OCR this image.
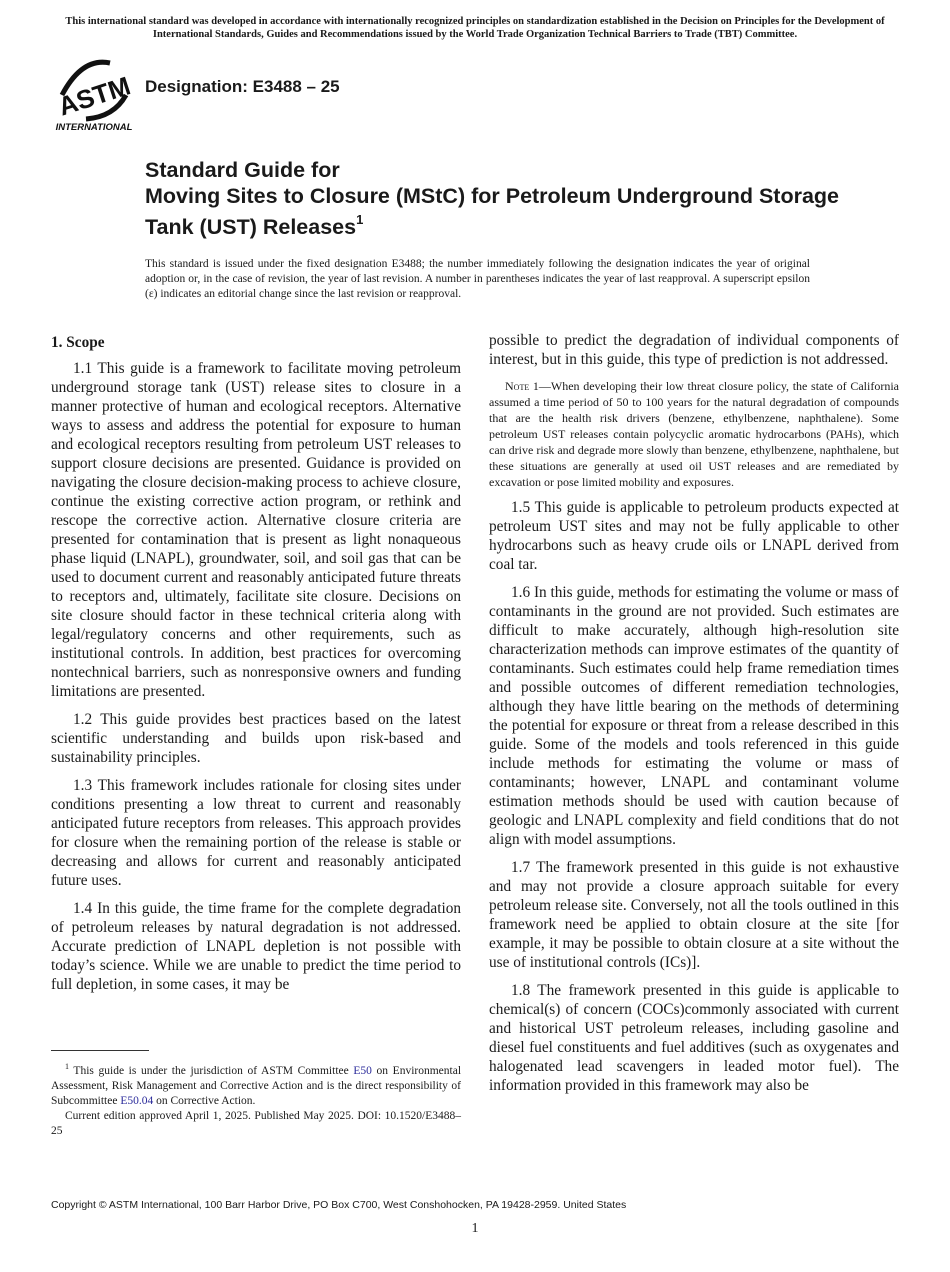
This international standard was developed in accordance with internationally recognized principles on standardization established in the Decision on Principles for the Development of International Standards, Guides and Recommendations issued by the World Trade Organization Technical Barriers to Trade (TBT) Committee.
ASTM
INTERNATIONAL
Designation: E3488 – 25
Standard Guide for
Moving Sites to Closure (MStC) for Petroleum Underground Storage Tank (UST) Releases$^1$
This standard is issued under the fixed designation E3488; the number immediately following the designation indicates the year of original adoption or, in the case of revision, the year of last revision. A number in parentheses indicates the year of last reapproval. A superscript epsilon (ε) indicates an editorial change since the last revision or reapproval.
1. Scope

1.1 This guide is a framework to facilitate moving petroleum underground storage tank (UST) release sites to closure in a manner protective of human and ecological receptors. Alternative ways to assess and address the potential for exposure to human and ecological receptors resulting from petroleum UST releases to support closure decisions are presented. Guidance is provided on navigating the closure decision-making process to achieve closure, continue the existing corrective action program, or rethink and rescope the corrective action. Alternative closure criteria are presented for contamination that is present as light nonaqueous phase liquid (LNAPL), groundwater, soil, and soil gas that can be used to document current and reasonably anticipated future threats to receptors and, ultimately, facilitate site closure. Decisions on site closure should factor in these technical criteria along with legal/regulatory concerns and other requirements, such as institutional controls. In addition, best practices for overcoming nontechnical barriers, such as nonresponsive owners and funding limitations are presented.

1.2 This guide provides best practices based on the latest scientific understanding and builds upon risk-based and sustainability principles.

1.3 This framework includes rationale for closing sites under conditions presenting a low threat to current and reasonably anticipated future receptors from releases. This approach provides for closure when the remaining portion of the release is stable or decreasing and allows for current and reasonably anticipated future uses.

1.4 In this guide, the time frame for the complete degradation of petroleum releases by natural degradation is not addressed. Accurate prediction of LNAPL depletion is not possible with today’s science. While we are unable to predict the time period to full depletion, in some cases, it may be

possible to predict the degradation of individual components of interest, but in this guide, this type of prediction is not addressed.

Note 1—When developing their low threat closure policy, the state of California assumed a time period of 50 to 100 years for the natural degradation of compounds that are the health risk drivers (benzene, ethylbenzene, naphthalene). Some petroleum UST releases contain polycyclic aromatic hydrocarbons (PAHs), which can drive risk and degrade more slowly than benzene, ethylbenzene, naphthalene, but these situations are generally at used oil UST releases and are remediated by excavation or pose limited mobility and exposures.

1.5 This guide is applicable to petroleum products expected at petroleum UST sites and may not be fully applicable to other hydrocarbons such as heavy crude oils or LNAPL derived from coal tar.

1.6 In this guide, methods for estimating the volume or mass of contaminants in the ground are not provided. Such estimates are difficult to make accurately, although high-resolution site characterization methods can improve estimates of the quantity of contaminants. Such estimates could help frame remediation times and possible outcomes of different remediation technologies, although they have little bearing on the methods of determining the potential for exposure or threat from a release described in this guide. Some of the models and tools referenced in this guide include methods for estimating the volume or mass of contaminants; however, LNAPL and contaminant volume estimation methods should be used with caution because of geologic and LNAPL complexity and field conditions that do not align with model assumptions.

1.7 The framework presented in this guide is not exhaustive and may not provide a closure approach suitable for every petroleum release site. Conversely, not all the tools outlined in this framework need be applied to obtain closure at the site [for example, it may be possible to obtain closure at a site without the use of institutional controls (ICs)].

1.8 The framework presented in this guide is applicable to chemical(s) of concern (COCs)commonly associated with current and historical UST petroleum releases, including gasoline and diesel fuel constituents and fuel additives (such as oxygenates and halogenated lead scavengers in leaded motor fuel). The information provided in this framework may also be

$^1$ This guide is under the jurisdiction of ASTM Committee E50 on Environmental Assessment, Risk Management and Corrective Action and is the direct responsibility of Subcommittee E50.04 on Corrective Action.

Current edition approved April 1, 2025. Published May 2025. DOI: 10.1520/E3488–25

Copyright © ASTM International, 100 Barr Harbor Drive, PO Box C700, West Conshohocken, PA 19428-2959. United States
1
